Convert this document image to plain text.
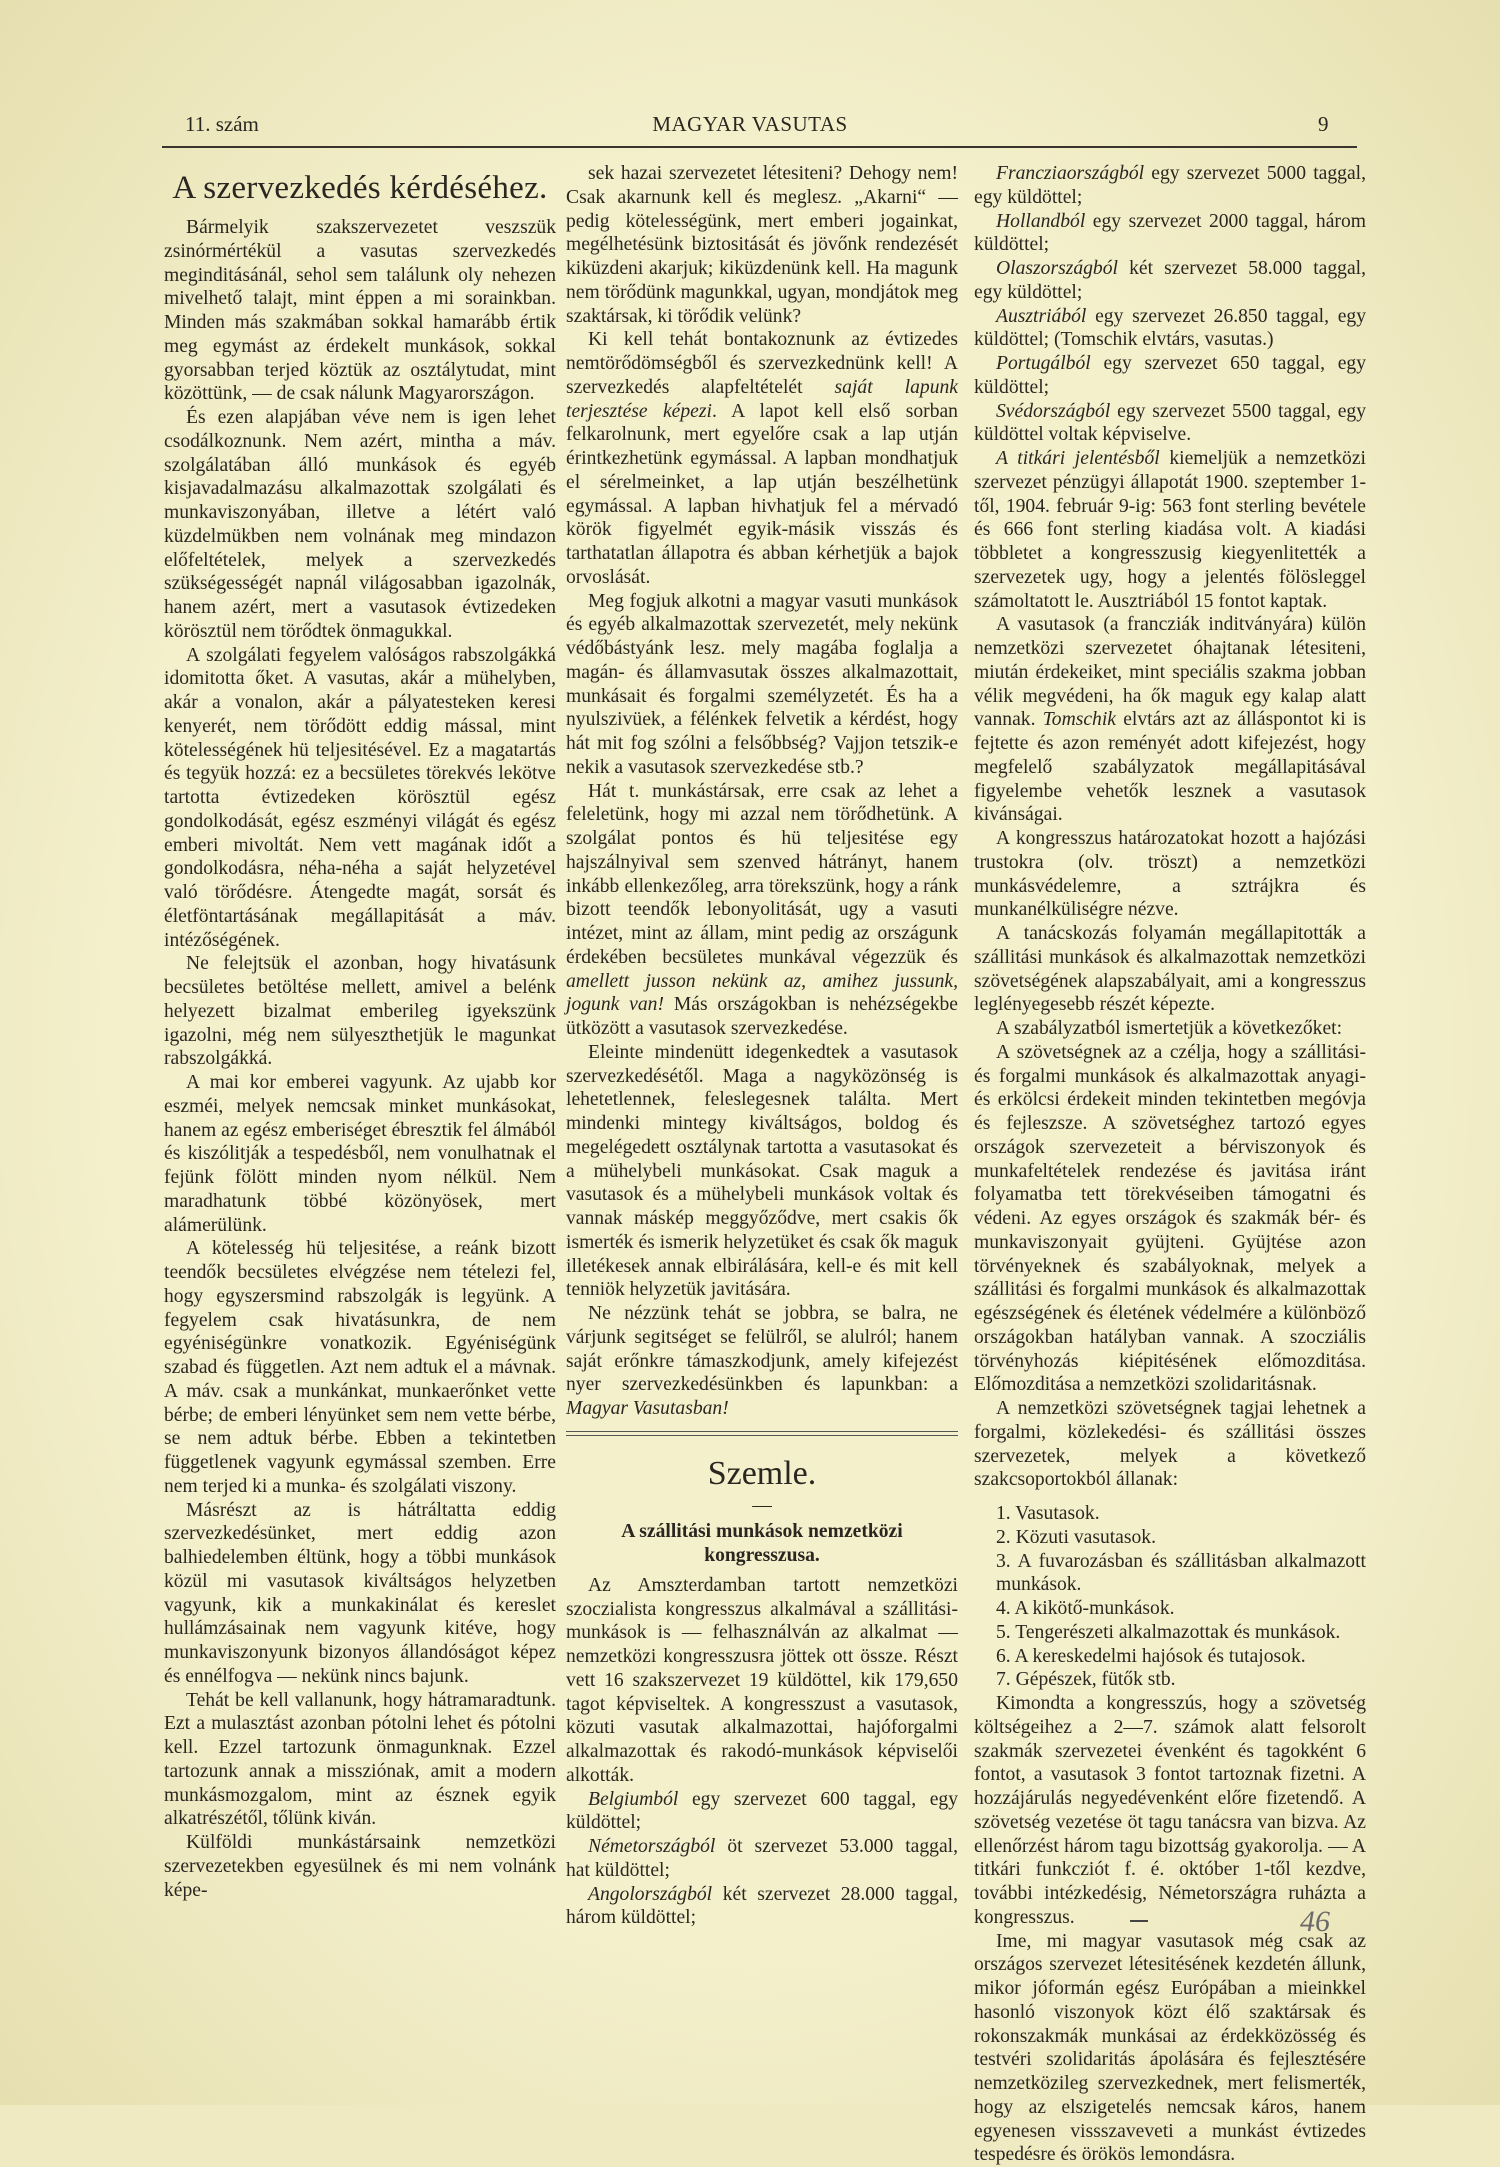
11. szám	MAGYAR VASUTAS	9
A szervezkedés kérdéséhez.

Bármelyik szakszervezetet veszszük zsinórmértékül a vasutas szervezkedés meginditásánál, sehol sem találunk oly nehezen mivelhető talajt, mint éppen a mi sorainkban. Minden más szakmában sokkal hamarább értik meg egymást az érdekelt munkások, sokkal gyorsabban terjed köztük az osztálytudat, mint közöttünk, — de csak nálunk Magyarországon.

És ezen alapjában véve nem is igen lehet csodálkoznunk. Nem azért, mintha a máv. szolgálatában álló munkások és egyéb kisjavadalmazásu alkalmazottak szolgálati és munkaviszonyában, illetve a létért való küzdelmükben nem volnának meg mindazon előfeltételek, melyek a szervezkedés szükségességét napnál világosabban igazolnák, hanem azért, mert a vasutasok évtizedeken körösztül nem törődtek önmagukkal.

A szolgálati fegyelem valóságos rabszolgákká idomitotta őket. A vasutas, akár a mühelyben, akár a vonalon, akár a pályatesteken keresi kenyerét, nem törődött eddig mással, mint kötelességének hü teljesitésével. Ez a magatartás és tegyük hozzá: ez a becsületes törekvés lekötve tartotta évtizedeken körösztül egész gondolkodását, egész eszményi világát és egész emberi mivoltát. Nem vett magának időt a gondolkodásra, néha-néha a saját helyzetével való törődésre. Átengedte magát, sorsát és életföntartásának megállapitását a máv. intézőségének.

Ne felejtsük el azonban, hogy hivatásunk becsületes betöltése mellett, amivel a belénk helyezett bizalmat emberileg igyekszünk igazolni, még nem sülyeszthetjük le magunkat rabszolgákká.

A mai kor emberei vagyunk. Az ujabb kor eszméi, melyek nemcsak minket munkásokat, hanem az egész emberiséget ébresztik fel álmából és kiszólitják a tespedésből, nem vonulhatnak el fejünk fölött minden nyom nélkül. Nem maradhatunk többé közönyösek, mert alámerülünk.

A kötelesség hü teljesitése, a reánk bizott teendők becsületes elvégzése nem tételezi fel, hogy egyszersmind rabszolgák is legyünk. A fegyelem csak hivatásunkra, de nem egyéniségünkre vonatkozik. Egyéniségünk szabad és független. Azt nem adtuk el a mávnak. A máv. csak a munkánkat, munkaerőnket vette bérbe; de emberi lényünket sem nem vette bérbe, se nem adtuk bérbe. Ebben a tekintetben függetlenek vagyunk egymással szemben. Erre nem terjed ki a munka- és szolgálati viszony.

Másrészt az is hátráltatta eddig szervezkedésünket, mert eddig azon balhiedelemben éltünk, hogy a többi munkások közül mi vasutasok kiváltságos helyzetben vagyunk, kik a munkakinálat és kereslet hullámzásainak nem vagyunk kitéve, hogy munkaviszonyunk bizonyos állandóságot képez és ennélfogva — nekünk nincs bajunk.

Tehát be kell vallanunk, hogy hátramaradtunk. Ezt a mulasztást azonban pótolni lehet és pótolni kell. Ezzel tartozunk önmagunknak. Ezzel tartozunk annak a missziónak, amit a modern munkásmozgalom, mint az észnek egyik alkatrészétől, tőlünk kiván.

Külföldi munkástársaink nemzetközi szervezetekben egyesülnek és mi nem volnánk képe-

sek hazai szervezetet létesiteni? Dehogy nem! Csak akarnunk kell és meglesz. „Akarni“ — pedig kötelességünk, mert emberi jogainkat, megélhetésünk biztositását és jövőnk rendezését kiküzdeni akarjuk; kiküzdenünk kell. Ha magunk nem törődünk magunkkal, ugyan, mondjátok meg szaktársak, ki törődik velünk?

Ki kell tehát bontakoznunk az évtizedes nemtörődömségből és szervezkednünk kell! A szervezkedés alapfeltételét saját lapunk terjesztése képezi. A lapot kell első sorban felkarolnunk, mert egyelőre csak a lap utján érintkezhetünk egymással. A lapban mondhatjuk el sérelmeinket, a lap utján beszélhetünk egymással. A lapban hivhatjuk fel a mérvadó körök figyelmét egyik-másik visszás és tarthatatlan állapotra és abban kérhetjük a bajok orvoslását.

Meg fogjuk alkotni a magyar vasuti munkások és egyéb alkalmazottak szervezetét, mely nekünk védőbástyánk lesz. mely magába foglalja a magán- és államvasutak összes alkalmazottait, munkásait és forgalmi személyzetét. És ha a nyulszivüek, a félénkek felvetik a kérdést, hogy hát mit fog szólni a felsőbbség? Vajjon tetszik-e nekik a vasutasok szervezkedése stb.?

Hát t. munkástársak, erre csak az lehet a feleletünk, hogy mi azzal nem törődhetünk. A szolgálat pontos és hü teljesitése egy hajszálnyival sem szenved hátrányt, hanem inkább ellenkezőleg, arra törekszünk, hogy a ránk bizott teendők lebonyolitását, ugy a vasuti intézet, mint az állam, mint pedig az országunk érdekében becsületes munkával végezzük és amellett jusson nekünk az, amihez jussunk, jogunk van! Más országokban is nehézségekbe ütközött a vasutasok szervezkedése.

Eleinte mindenütt idegenkedtek a vasutasok szervezkedésétől. Maga a nagyközönség is lehetetlennek, feleslegesnek találta. Mert mindenki mintegy kiváltságos, boldog és megelégedett osztálynak tartotta a vasutasokat és a mühelybeli munkásokat. Csak maguk a vasutasok és a mühelybeli munkások voltak és vannak máskép meggyőződve, mert csakis ők ismerték és ismerik helyzetüket és csak ők maguk illetékesek annak elbirálására, kell-e és mit kell tenniök helyzetük javitására.

Ne nézzünk tehát se jobbra, se balra, ne várjunk segitséget se felülről, se alulról; hanem saját erőnkre támaszkodjunk, amely kifejezést nyer szervezkedésünkben és lapunkban: a Magyar Vasutasban!

Szemle.
—
A szállitási munkások nemzetközi kongresszusa.

Az Amszterdamban tartott nemzetközi szoczialista kongresszus alkalmával a szállitási-munkások is — felhasználván az alkalmat — nemzetközi kongresszusra jöttek ott össze. Részt vett 16 szakszervezet 19 küldöttel, kik 179,650 tagot képviseltek. A kongresszust a vasutasok, közuti vasutak alkalmazottai, hajóforgalmi alkalmazottak és rakodó-munkások képviselői alkották.

Belgiumból egy szervezet 600 taggal, egy küldöttel;

Németországból öt szervezet 53.000 taggal, hat küldöttel;

Angolországból két szervezet 28.000 taggal, három küldöttel;

Francziaországból egy szervezet 5000 taggal, egy küldöttel;

Hollandból egy szervezet 2000 taggal, három küldöttel;

Olaszországból két szervezet 58.000 taggal, egy küldöttel;

Ausztriából egy szervezet 26.850 taggal, egy küldöttel; (Tomschik elvtárs, vasutas.)

Portugálból egy szervezet 650 taggal, egy küldöttel;

Svédországból egy szervezet 5500 taggal, egy küldöttel voltak képviselve.

A titkári jelentésből kiemeljük a nemzetközi szervezet pénzügyi állapotát 1900. szeptember 1-től, 1904. február 9-ig: 563 font sterling bevétele és 666 font sterling kiadása volt. A kiadási többletet a kongresszusig kiegyenlitették a szervezetek ugy, hogy a jelentés fölösleggel számoltatott le. Ausztriából 15 fontot kaptak.

A vasutasok (a francziák inditványára) külön nemzetközi szervezetet óhajtanak létesiteni, miután érdekeiket, mint speciális szakma jobban vélik megvédeni, ha ők maguk egy kalap alatt vannak. Tomschik elvtárs azt az álláspontot ki is fejtette és azon reményét adott kifejezést, hogy megfelelő szabályzatok megállapitásával figyelembe vehetők lesznek a vasutasok kivánságai.

A kongresszus határozatokat hozott a hajózási trustokra (olv. tröszt) a nemzetközi munkásvédelemre, a sztrájkra és munkanélküliségre nézve.

A tanácskozás folyamán megállapitották a szállitási munkások és alkalmazottak nemzetközi szövetségének alapszabályait, ami a kongresszus leglényegesebb részét képezte.

A szabályzatból ismertetjük a következőket:

A szövetségnek az a czélja, hogy a szállitási- és forgalmi munkások és alkalmazottak anyagi- és erkölcsi érdekeit minden tekintetben megóvja és fejleszsze. A szövetséghez tartozó egyes országok szervezeteit a bérviszonyok és munkafeltételek rendezése és javitása iránt folyamatba tett törekvéseiben támogatni és védeni. Az egyes országok és szakmák bér- és munkaviszonyait gyüjteni. Gyüjtése azon törvényeknek és szabályoknak, melyek a szállitási és forgalmi munkások és alkalmazottak egészségének és életének védelmére a különböző országokban hatályban vannak. A szocziális törvényhozás kiépitésének előmozditása. Előmozditása a nemzetközi szolidaritásnak.

A nemzetközi szövetségnek tagjai lehetnek a forgalmi, közlekedési- és szállitási összes szervezetek, melyek a következő szakcsoportokból állanak:

1. Vasutasok.

2. Közuti vasutasok.

3. A fuvarozásban és szállitásban alkalmazott munkások.

4. A kikötő-munkások.

5. Tengerészeti alkalmazottak és munkások.

6. A kereskedelmi hajósok és tutajosok.

7. Gépészek, fütők stb.

Kimondta a kongresszús, hogy a szövetség költségeihez a 2—7. számok alatt felsorolt szakmák szervezetei évenként és tagokként 6 fontot, a vasutasok 3 fontot tartoznak fizetni. A hozzájárulás negyedévenként előre fizetendő. A szövetség vezetése öt tagu tanácsra van bizva. Az ellenőrzést három tagu bizottság gyakorolja. — A titkári funkcziót f. é. október 1-től kezdve, további intézkedésig, Németországra ruházta a kongresszus.

Ime, mi magyar vasutasok még csak az országos szervezet létesitésének kezdetén állunk, mikor jóformán egész Európában a mieinkkel hasonló viszonyok közt élő szaktársak és rokonszakmák munkásai az érdekközösség és testvéri szolidaritás ápolására és fejlesztésére nemzetközileg szervezkednek, mert felismerték, hogy az elszigetelés nemcsak káros, hanem egyenesen vissszaveveti a munkást évtizedes tespedésre és örökös lemondásra.

46
